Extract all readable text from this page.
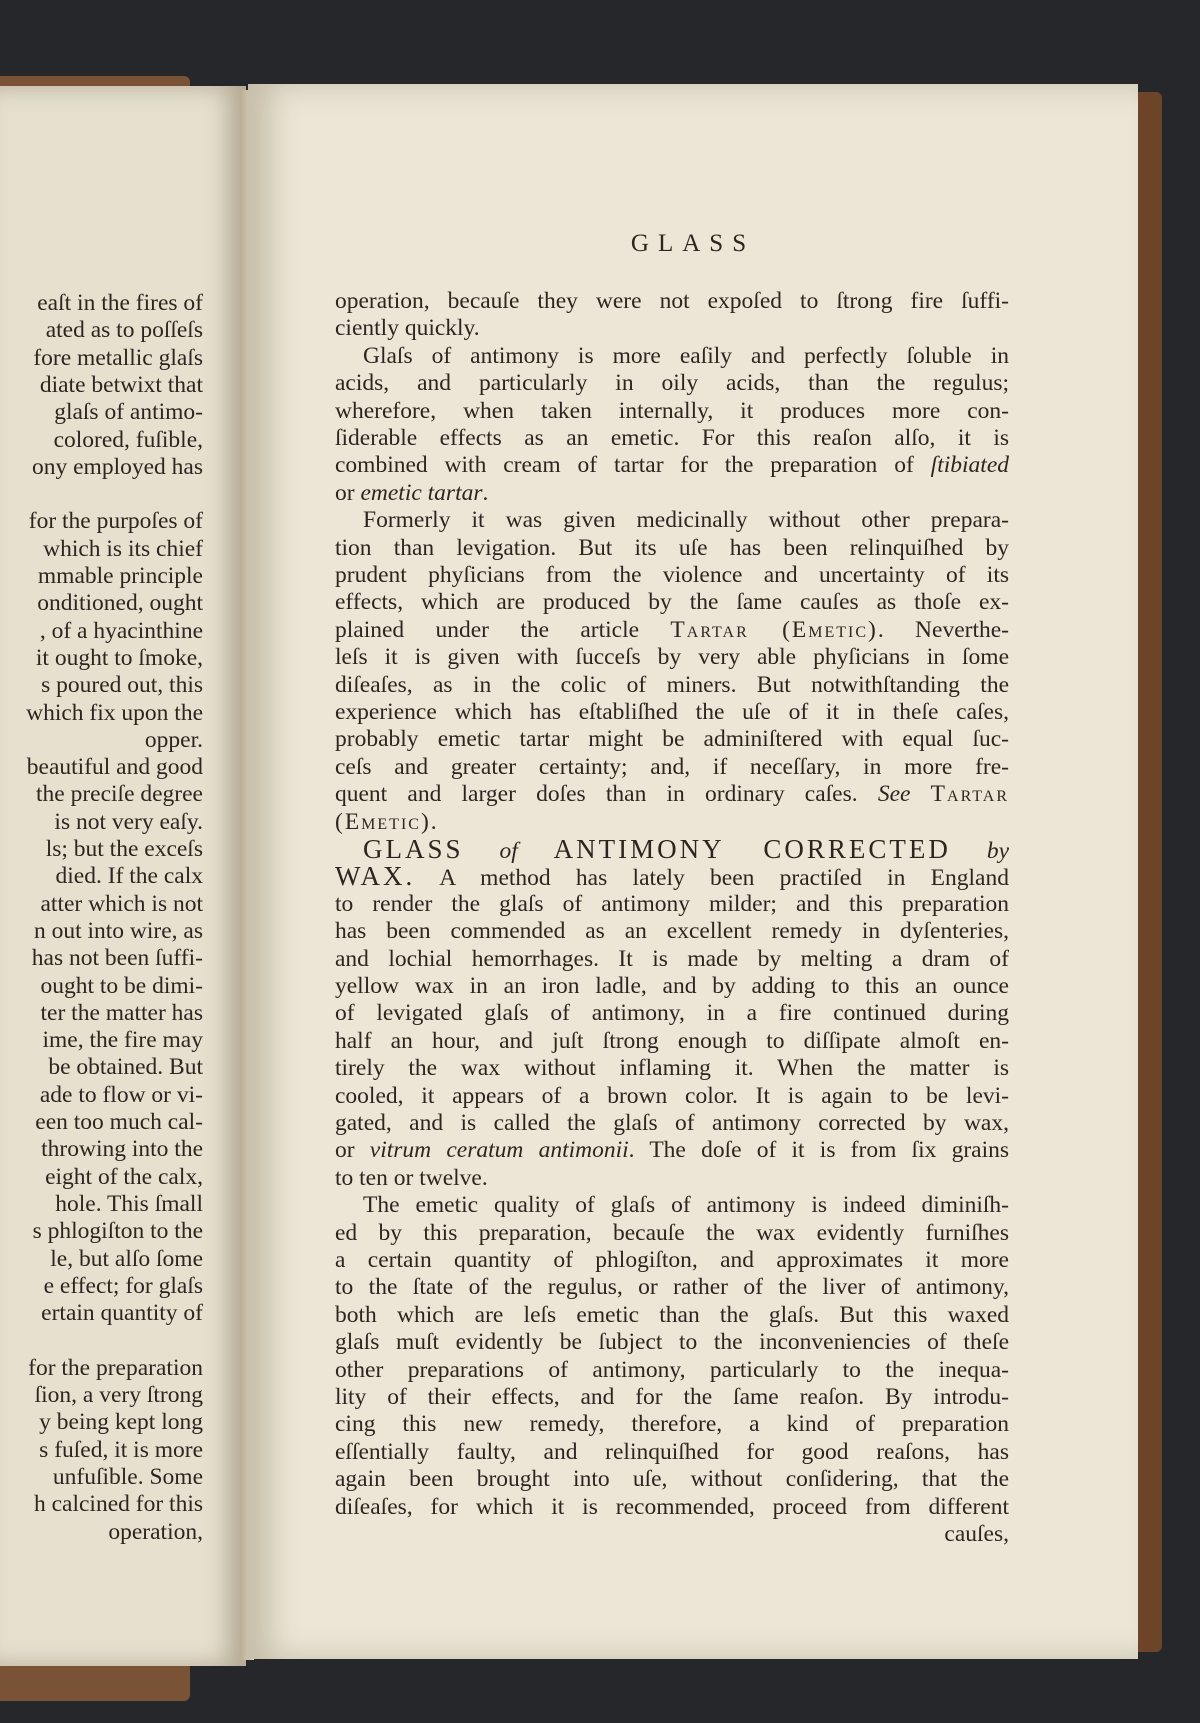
eaſt in the fires of
ated as to poſſeſs
fore metallic glaſs
diate betwixt that
glaſs of antimo-
colored, fuſible,
ony employed has
for the purpoſes of
which is its chief
mmable principle
onditioned, ought
, of a hyacinthine
it ought to ſmoke,
s poured out, this
which fix upon the
opper.
beautiful and good
the preciſe degree
is not very eaſy.
ls; but the exceſs
died. If the calx
atter which is not
n out into wire, as
has not been ſuffi-
ought to be dimi-
ter the matter has
ime, the fire may
be obtained. But
ade to flow or vi-
een too much cal-
throwing into the
eight of the calx,
hole. This ſmall
s phlogiſton to the
le, but alſo ſome
e effect; for glaſs
ertain quantity of
for the preparation
ſion, a very ſtrong
y being kept long
s fuſed, it is more
unfuſible. Some
h calcined for this
operation,
GLASS
operation, becauſe they were not expoſed to ſtrong fire ſuffi-
ciently quickly.
Glaſs of antimony is more eaſily and perfectly ſoluble in
acids, and particularly in oily acids, than the regulus;
wherefore, when taken internally, it produces more con-
ſiderable effects as an emetic. For this reaſon alſo, it is
combined with cream of tartar for the preparation of ſtibiated
or emetic tartar.
Formerly it was given medicinally without other prepara-
tion than levigation. But its uſe has been relinquiſhed by
prudent phyſicians from the violence and uncertainty of its
effects, which are produced by the ſame cauſes as thoſe ex-
plained under the article Tartar (Emetic). Neverthe-
leſs it is given with ſucceſs by very able phyſicians in ſome
diſeaſes, as in the colic of miners. But notwithſtanding the
experience which has eſtabliſhed the uſe of it in theſe caſes,
probably emetic tartar might be adminiſtered with equal ſuc-
ceſs and greater certainty; and, if neceſſary, in more fre-
quent and larger doſes than in ordinary caſes. See Tartar
(Emetic).
GLASS of ANTIMONY CORRECTED by
WAX. A method has lately been practiſed in England
to render the glaſs of antimony milder; and this preparation
has been commended as an excellent remedy in dyſenteries,
and lochial hemorrhages. It is made by melting a dram of
yellow wax in an iron ladle, and by adding to this an ounce
of levigated glaſs of antimony, in a fire continued during
half an hour, and juſt ſtrong enough to diſſipate almoſt en-
tirely the wax without inflaming it. When the matter is
cooled, it appears of a brown color. It is again to be levi-
gated, and is called the glaſs of antimony corrected by wax,
or vitrum ceratum antimonii. The doſe of it is from ſix grains
to ten or twelve.
The emetic quality of glaſs of antimony is indeed diminiſh-
ed by this preparation, becauſe the wax evidently furniſhes
a certain quantity of phlogiſton, and approximates it more
to the ſtate of the regulus, or rather of the liver of antimony,
both which are leſs emetic than the glaſs. But this waxed
glaſs muſt evidently be ſubject to the inconveniencies of theſe
other preparations of antimony, particularly to the inequa-
lity of their effects, and for the ſame reaſon. By introdu-
cing this new remedy, therefore, a kind of preparation
eſſentially faulty, and relinquiſhed for good reaſons, has
again been brought into uſe, without conſidering, that the
diſeaſes, for which it is recommended, proceed from different
cauſes,
